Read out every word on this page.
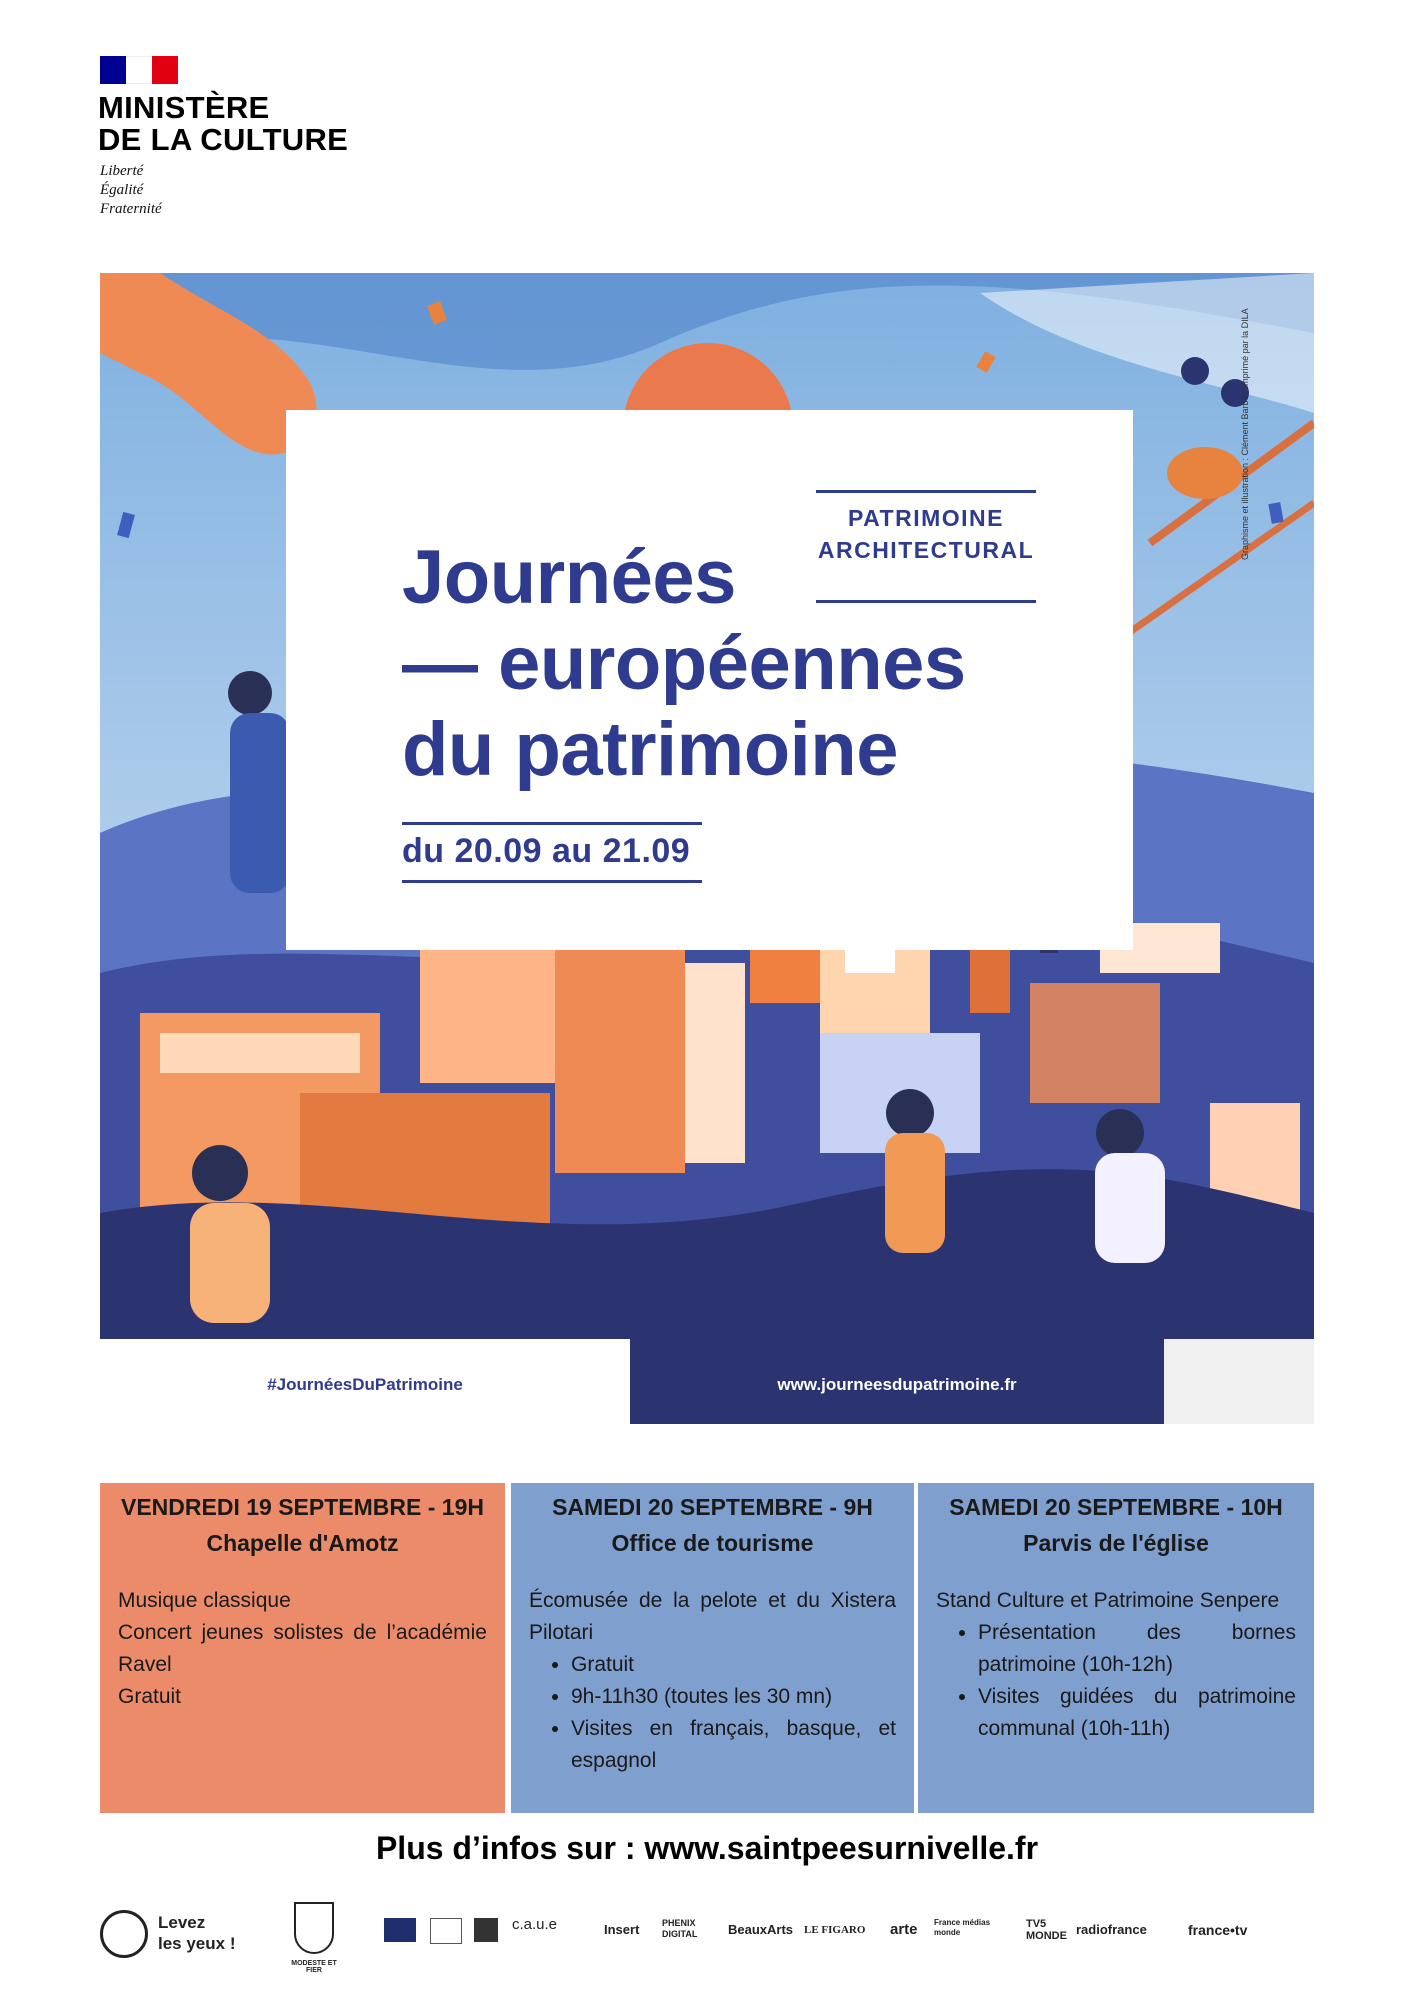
MINISTÈRE
DE LA CULTURE
Liberté
Égalité
Fraternité
PATRIMOINE
ARCHITECTURAL
Journées
— européennes
du patrimoine
du 20.09 au 21.09
Graphisme et illustration : Clément Barbé / imprimé par la DILA
#JournéesDuPatrimoine	www.journeesdupatrimoine.fr
VENDREDI 19 SEPTEMBRE - 19H
Chapelle d'Amotz

Musique classique

Concert jeunes solistes de l’académie Ravel

Gratuit

SAMEDI 20 SEPTEMBRE - 9H
Office de tourisme

Écomusée de la pelote et du Xistera Pilotari

• Gratuit
• 9h-11h30 (toutes les 30 mn)
• Visites en français, basque, et espagnol
SAMEDI 20 SEPTEMBRE - 10H
Parvis de l'église

Stand Culture et Patrimoine Senpere

• Présentation des bornes patrimoine (10h-12h)
• Visites guidées du patrimoine communal (10h-11h)
Plus d’infos sur : www.saintpeesurnivelle.fr
Levez
les yeux !
MODESTE ET FIER
c.a.u.e	Insert	PHENIX DIGITAL	BeauxArts LE FIGARO arte France médias monde
TV5 MONDE radiofrance	france•tv
